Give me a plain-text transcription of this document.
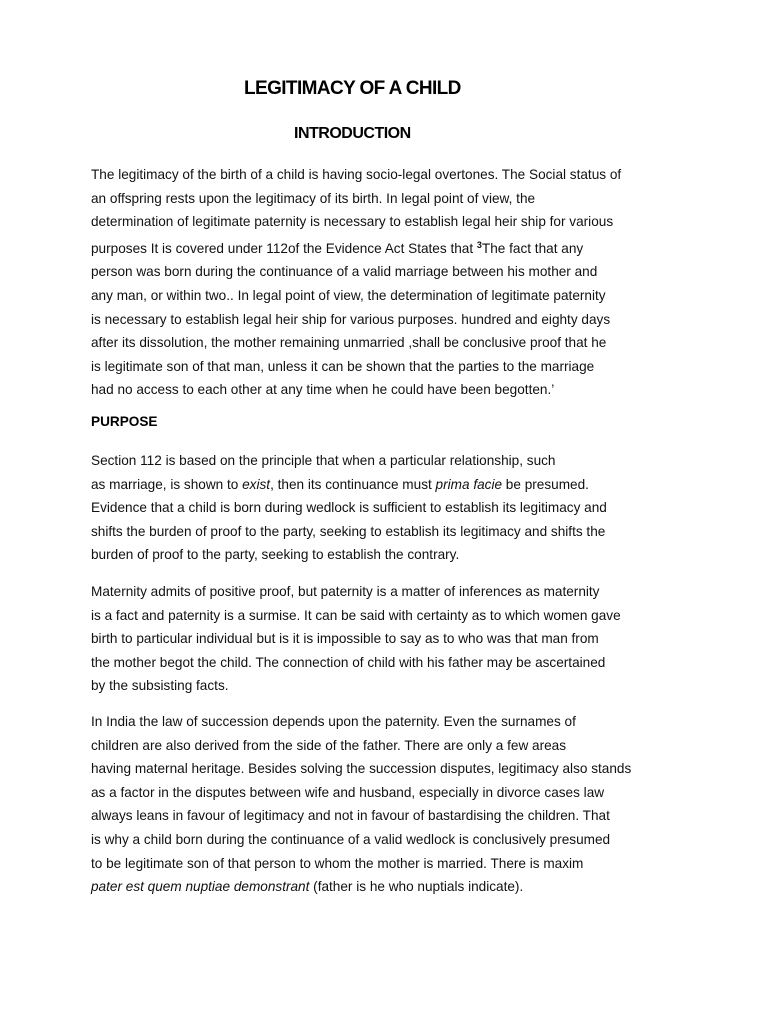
LEGITIMACY OF A CHILD
INTRODUCTION
The legitimacy of the birth of a child is having socio-legal overtones. The Social status of
an offspring rests upon the legitimacy of its birth. In legal point of view, the
determination of legitimate paternity is necessary to establish legal heir ship for various
purposes It is covered under 112of the Evidence Act States that $^3$The fact that any
person was born during the continuance of a valid marriage between his mother and
any man, or within two.. In legal point of view, the determination of legitimate paternity
is necessary to establish legal heir ship for various purposes. hundred and eighty days
after its dissolution, the mother remaining unmarried ,shall be conclusive proof that he
is legitimate son of that man, unless it can be shown that the parties to the marriage
had no access to each other at any time when he could have been begotten.’
PURPOSE
Section 112 is based on the principle that when a particular relationship, such
as marriage, is shown to exist, then its continuance must prima facie be presumed.
Evidence that a child is born during wedlock is sufficient to establish its legitimacy and
shifts the burden of proof to the party, seeking to establish its legitimacy and shifts the
burden of proof to the party, seeking to establish the contrary.
Maternity admits of positive proof, but paternity is a matter of inferences as maternity
is a fact and paternity is a surmise. It can be said with certainty as to which women gave
birth to particular individual but is it is impossible to say as to who was that man from
the mother begot the child. The connection of child with his father may be ascertained
by the subsisting facts.
In India the law of succession depends upon the paternity. Even the surnames of
children are also derived from the side of the father. There are only a few areas
having maternal heritage. Besides solving the succession disputes, legitimacy also stands
as a factor in the disputes between wife and husband, especially in divorce cases law
always leans in favour of legitimacy and not in favour of bastardising the children. That
is why a child born during the continuance of a valid wedlock is conclusively presumed
to be legitimate son of that person to whom the mother is married. There is maxim
pater est quem nuptiae demonstrant (father is he who nuptials indicate).
